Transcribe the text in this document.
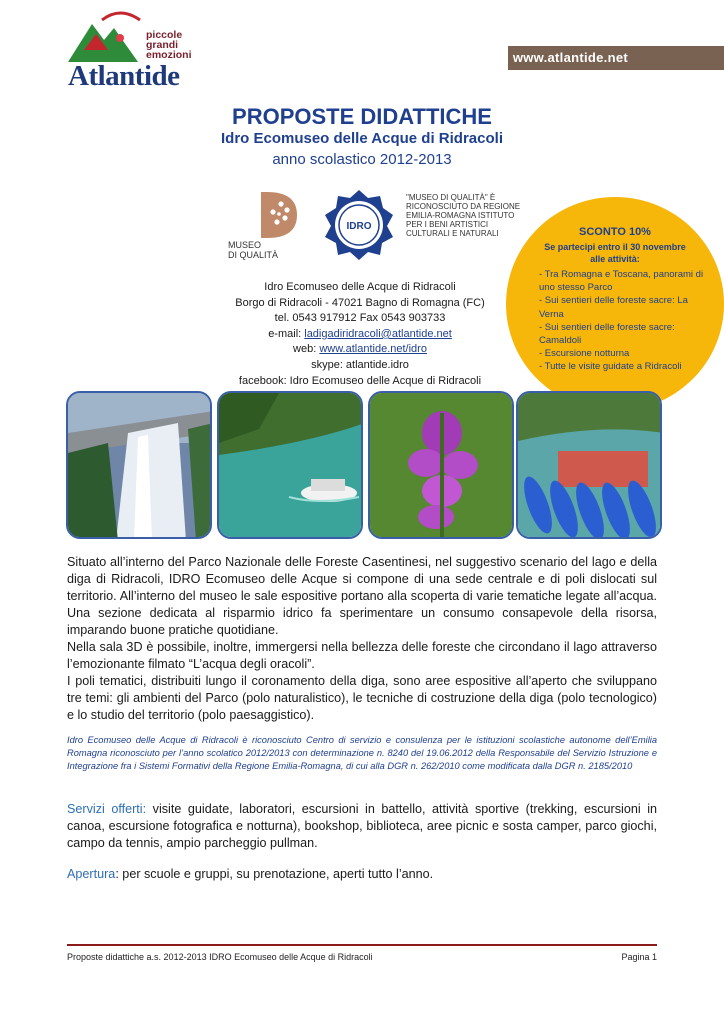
piccole
grandi
emozioni
Atlantide
www.atlantide.net
PROPOSTE DIDATTICHE
Idro Ecomuseo delle Acque di Ridracoli
anno scolastico 2012-2013
MUSEO
DI QUALITÀ
IDRO
"MUSEO DI QUALITÀ" È RICONOSCIUTO DA REGIONE EMILIA-ROMAGNA ISTITUTO PER I BENI ARTISTICI CULTURALI E NATURALI
Idro Ecomuseo delle Acque di Ridracoli
Borgo di Ridracoli - 47021 Bagno di Romagna (FC)
tel. 0543 917912 Fax 0543 903733
e-mail: ladigadiridracoli@atlantide.net
web: www.atlantide.net/idro
skype: atlantide.idro
facebook: Idro Ecomuseo delle Acque di Ridracoli
SCONTO 10%
Se partecipi entro il 30 novembre alle attività:
- Tra Romagna e Toscana, panorami di uno stesso Parco
- Sui sentieri delle foreste sacre: La Verna
- Sui sentieri delle foreste sacre: Camaldoli
- Escursione notturna
- Tutte le visite guidate a Ridracoli

Situato all’interno del Parco Nazionale delle Foreste Casentinesi, nel suggestivo scenario del lago e della diga di Ridracoli, IDRO Ecomuseo delle Acque si compone di una sede centrale e di poli dislocati sul territorio. All’interno del museo le sale espositive portano alla scoperta di varie tematiche legate all’acqua. Una sezione dedicata al risparmio idrico fa sperimentare un consumo consapevole della risorsa, imparando buone pratiche quotidiane.

Nella sala 3D è possibile, inoltre, immergersi nella bellezza delle foreste che circondano il lago attraverso l’emozionante filmato “L’acqua degli oracoli”.

I poli tematici, distribuiti lungo il coronamento della diga, sono aree espositive all’aperto che sviluppano tre temi: gli ambienti del Parco (polo naturalistico), le tecniche di costruzione della diga (polo tecnologico) e lo studio del territorio (polo paesaggistico).

Idro Ecomuseo delle Acque di Ridracoli è riconosciuto Centro di servizio e consulenza per le istituzioni scolastiche autonome dell’Emilia Romagna riconosciuto per l’anno scolatico 2012/2013 con determinazione n. 8240 del 19.06.2012 della Responsabile del Servizio Istruzione e Integrazione fra i Sistemi Formativi della Regione Emilia-Romagna, di cui alla DGR n. 262/2010 come modificata dalla DGR n. 2185/2010
Servizi offerti: visite guidate, laboratori, escursioni in battello, attività sportive (trekking, escursioni in canoa, escursione fotografica e notturna), bookshop, biblioteca, aree picnic e sosta camper, parco giochi, campo da tennis, ampio parcheggio pullman.
Apertura: per scuole e gruppi, su prenotazione, aperti tutto l’anno.
Proposte didattiche a.s. 2012-2013 IDRO Ecomuseo delle Acque di Ridracoli	Pagina 1
